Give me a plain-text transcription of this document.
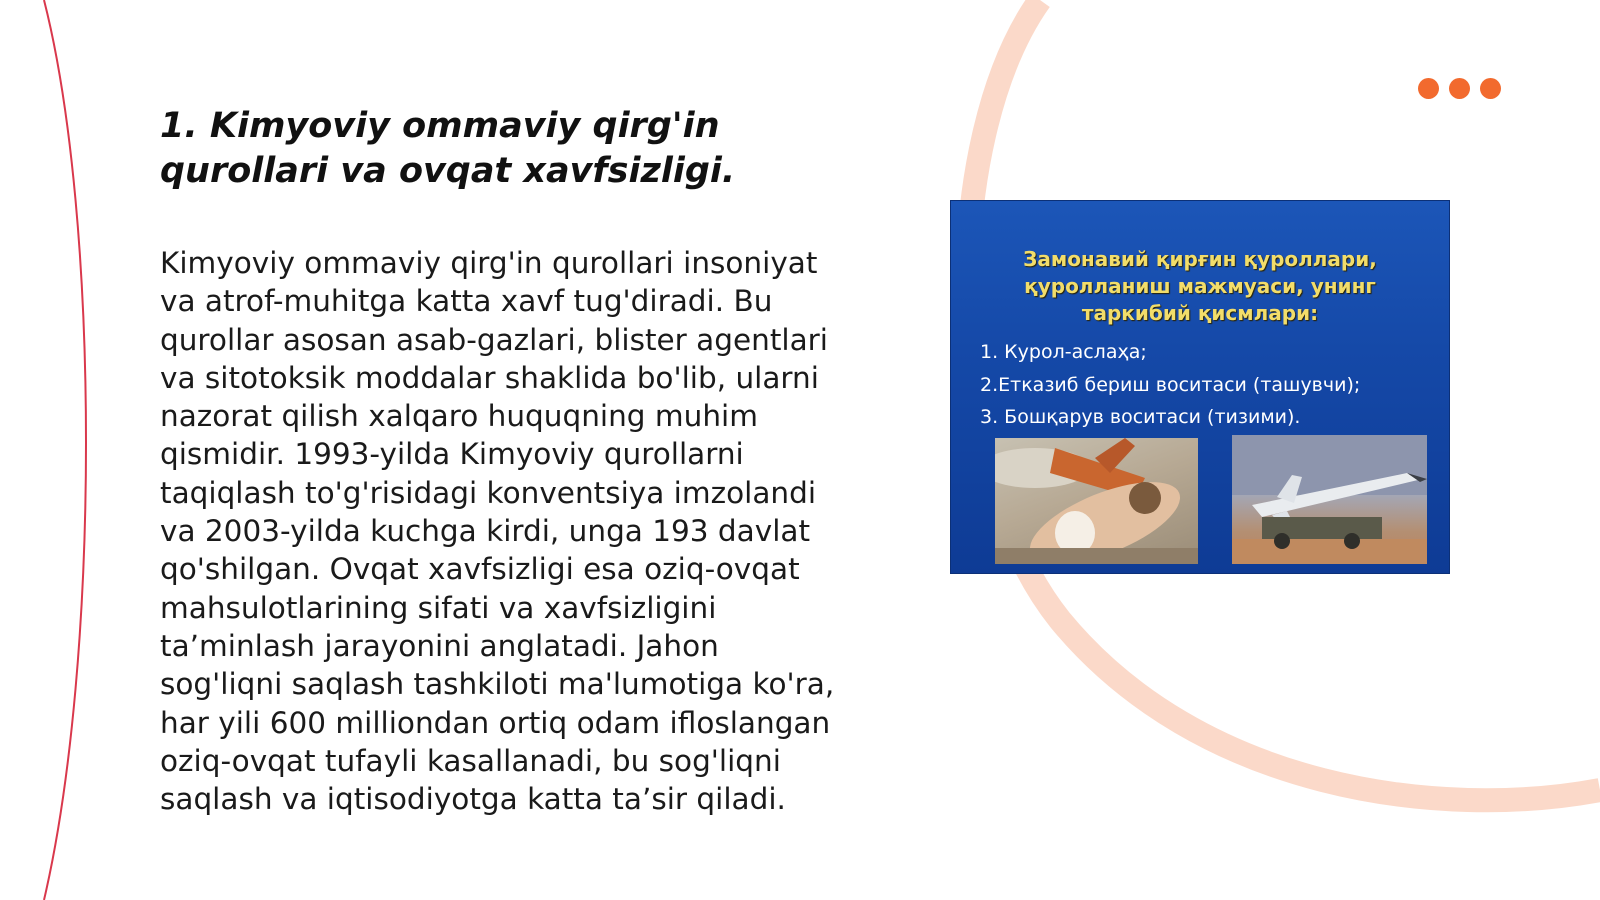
1. Kimyoviy ommaviy qirg'in qurollari va ovqat xavfsizligi.

Kimyoviy ommaviy qirg'in qurollari insoniyat va atrof-muhitga katta xavf tug'diradi. Bu qurollar asosan asab-gazlari, blister agentlari va sitotoksik moddalar shaklida bo'lib, ularni nazorat qilish xalqaro huquqning muhim qismidir. 1993-yilda Kimyoviy qurollarni taqiqlash to'g'risidagi konventsiya imzolandi va 2003-yilda kuchga kirdi, unga 193 davlat qo'shilgan. Ovqat xavfsizligi esa oziq-ovqat mahsulotlarining sifati va xavfsizligini ta’minlash jarayonini anglatadi. Jahon sog'liqni saqlash tashkiloti ma'lumotiga ko'ra, har yili 600 milliondan ortiq odam ifloslangan oziq-ovqat tufayli kasallanadi, bu sog'liqni saqlash va iqtisodiyotga katta ta’sir qiladi.

Замонавий қирғин қуроллари, қуролланиш мажмуаси, унинг таркибий қисмлари:
1. Курол-аслаҳа;
2.Етказиб бериш воситаси (ташувчи);
3. Бошқарув воситаси (тизими).
